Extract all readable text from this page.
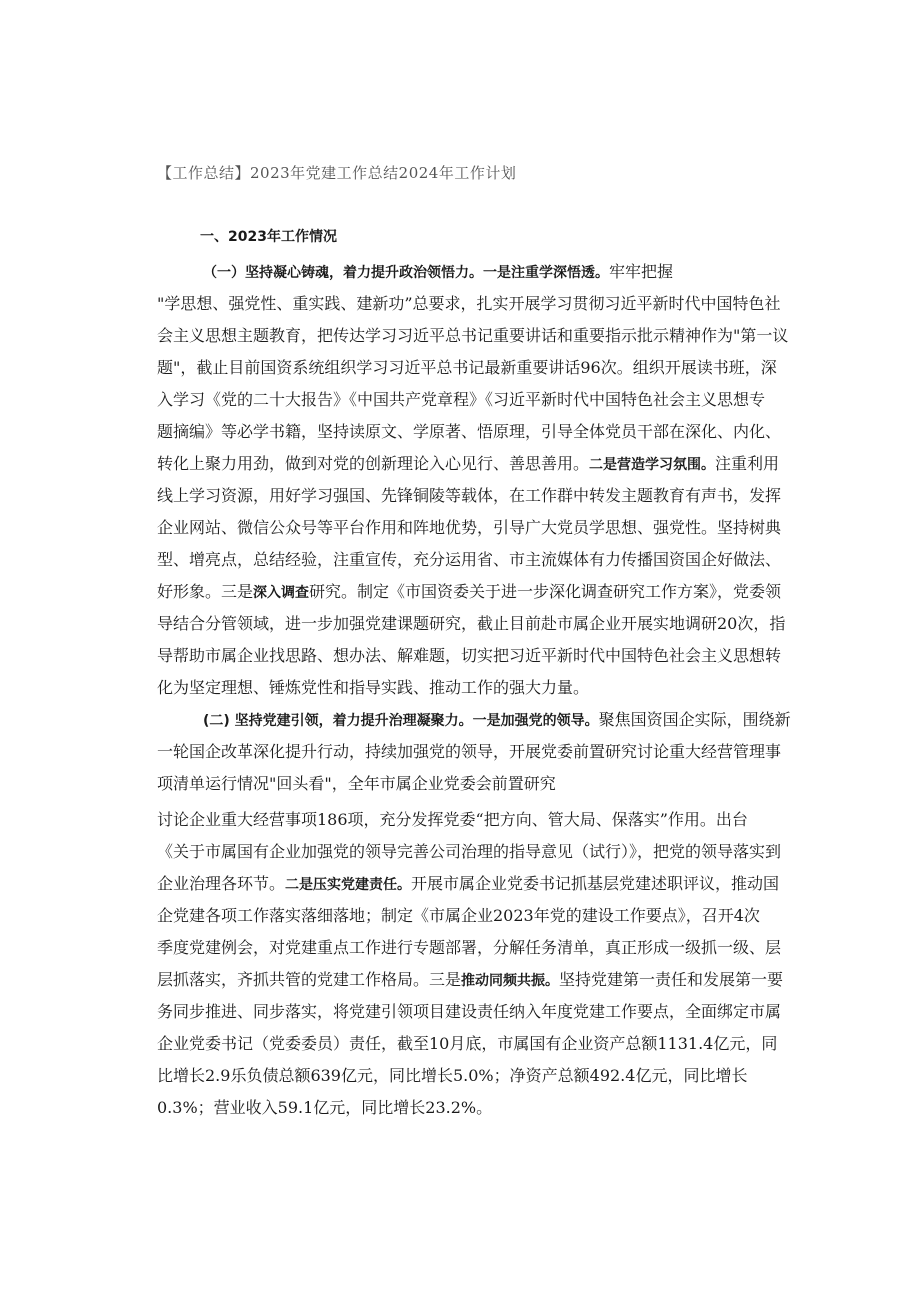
【工作总结】2023年党建工作总结2024年工作计划
一、2023年工作情况
（一）坚持凝心铸魂，着力提升政治领悟力。一是注重学深悟透。牢牢把握
"学思想、强党性、重实践、建新功”总要求，扎实开展学习贯彻习近平新时代中国特色社
会主义思想主题教育，把传达学习习近平总书记重要讲话和重要指示批示精神作为"第一议
题"，截止目前国资系统组织学习习近平总书记最新重要讲话96次。组织开展读书班，深
入学习《党的二十大报告》《中国共产党章程》《习近平新时代中国特色社会主义思想专
题摘编》等必学书籍，坚持读原文、学原著、悟原理，引导全体党员干部在深化、内化、
转化上聚力用劲，做到对党的创新理论入心见行、善思善用。二是营造学习氛围。注重利用
线上学习资源，用好学习强国、先锋铜陵等载体，在工作群中转发主题教育有声书，发挥
企业网站、微信公众号等平台作用和阵地优势，引导广大党员学思想、强党性。坚持树典
型、增亮点，总结经验，注重宣传，充分运用省、市主流媒体有力传播国资国企好做法、
好形象。三是深入调查研究。制定《市国资委关于进一步深化调查研究工作方案》，党委领
导结合分管领域，进一步加强党建课题研究，截止目前赴市属企业开展实地调研20次，指
导帮助市属企业找思路、想办法、解难题，切实把习近平新时代中国特色社会主义思想转
化为坚定理想、锤炼党性和指导实践、推动工作的强大力量。
(二) 坚持党建引领，着力提升治理凝聚力。一是加强党的领导。聚焦国资国企实际，围绕新
一轮国企改革深化提升行动，持续加强党的领导，开展党委前置研究讨论重大经营管理事
项清单运行情况"回头看"，全年市属企业党委会前置研究
讨论企业重大经营事项186项，充分发挥党委“把方向、管大局、保落实”作用。出台
《关于市属国有企业加强党的领导完善公司治理的指导意见（试行）》，把党的领导落实到
企业治理各环节。二是压实党建责任。开展市属企业党委书记抓基层党建述职评议，推动国
企党建各项工作落实落细落地；制定《市属企业2023年党的建设工作要点》，召开4次
季度党建例会，对党建重点工作进行专题部署，分解任务清单，真正形成一级抓一级、层
层抓落实，齐抓共管的党建工作格局。三是推动同频共振。坚持党建第一责任和发展第一要
务同步推进、同步落实，将党建引领项目建设责任纳入年度党建工作要点，全面绑定市属
企业党委书记（党委委员）责任，截至10月底，市属国有企业资产总额1131.4亿元，同
比增长2.9乐负债总额639亿元，同比增长5.0%；净资产总额492.4亿元，同比增长
0.3%；营业收入59.1亿元，同比增长23.2%。
